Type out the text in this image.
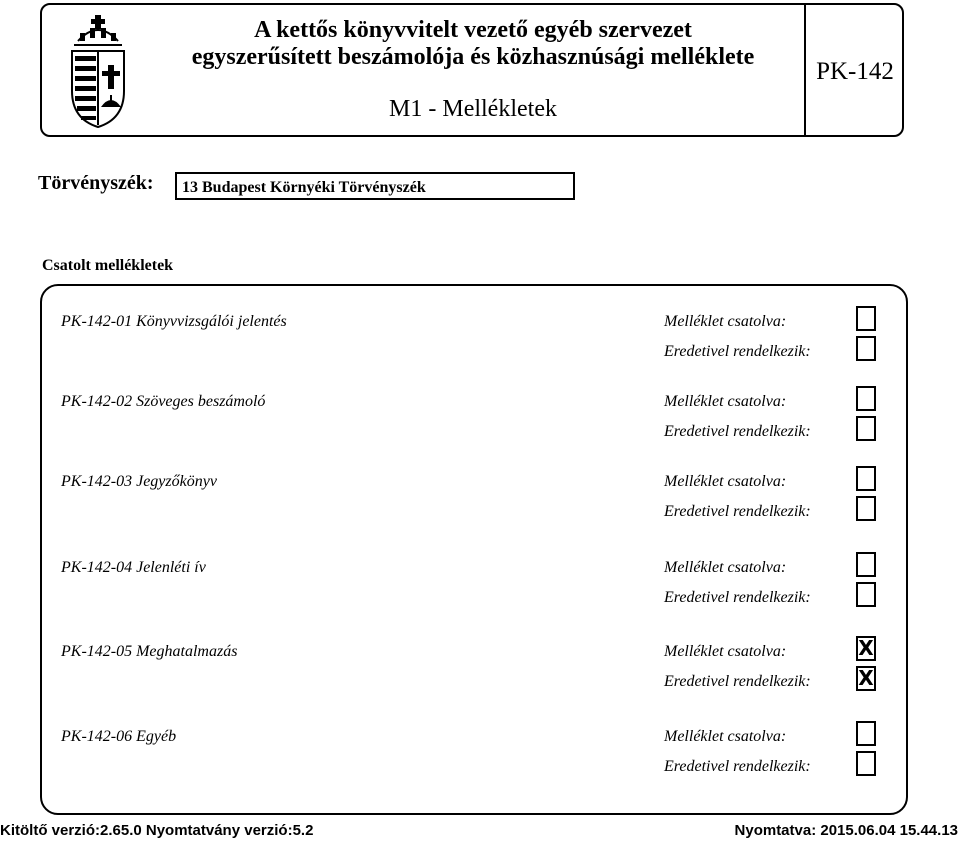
A kettős könyvvitelt vezető egyéb szervezet
egyszerűsített beszámolója és közhasznúsági melléklete
M1 - Mellékletek
PK-142
Törvényszék: 13 Budapest Környéki Törvényszék
Csatolt mellékletek
PK-142-01 Könyvvizsgálói jelentés	Melléklet csatolva:
Eredetivel rendelkezik:
PK-142-02 Szöveges beszámoló	Melléklet csatolva:
Eredetivel rendelkezik:
PK-142-03 Jegyzőkönyv	Melléklet csatolva:
Eredetivel rendelkezik:
PK-142-04 Jelenléti ív	Melléklet csatolva:
Eredetivel rendelkezik:
PK-142-05 Meghatalmazás	Melléklet csatolva:	X
Eredetivel rendelkezik: X
PK-142-06 Egyéb	Melléklet csatolva:
Eredetivel rendelkezik:
Kitöltő verzió:2.65.0 Nyomtatvány verzió:5.2	Nyomtatva: 2015.06.04 15.44.13
